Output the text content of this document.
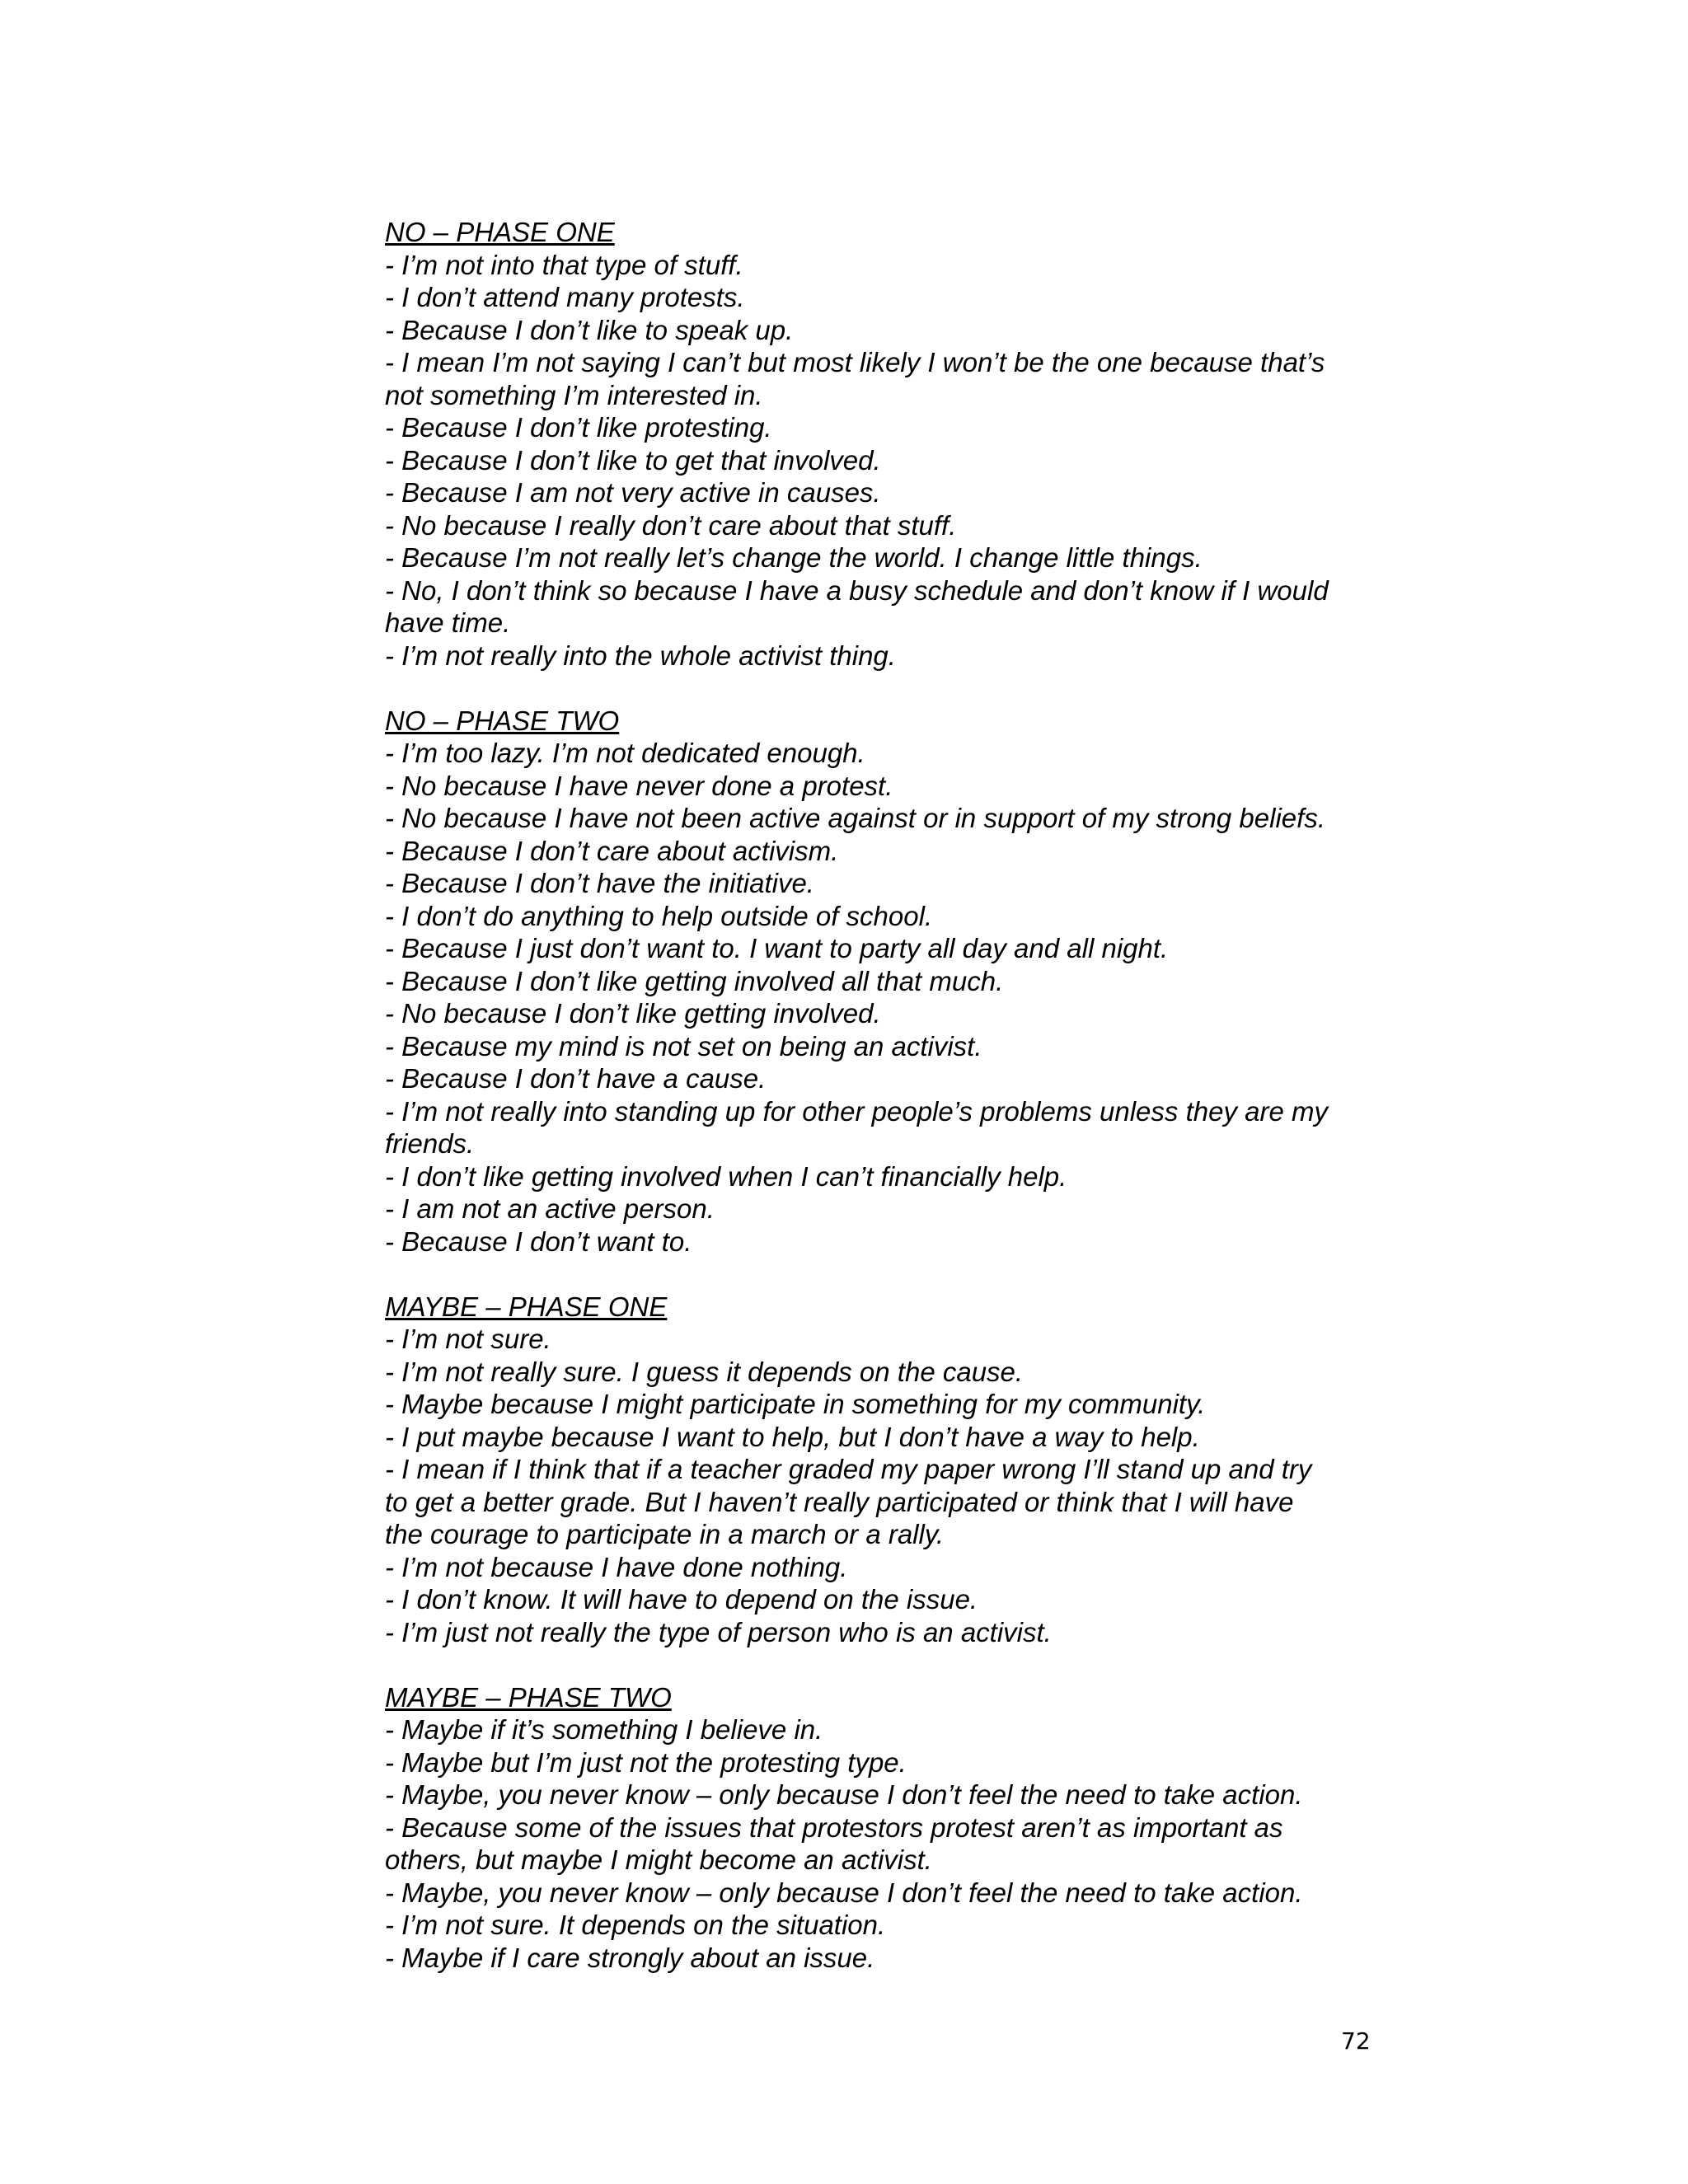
NO – PHASE ONE
- I’m not into that type of stuff.
- I don’t attend many protests.
- Because I don’t like to speak up.
- I mean I’m not saying I can’t but most likely I won’t be the one because that’s
not something I’m interested in.
- Because I don’t like protesting.
- Because I don’t like to get that involved.
- Because I am not very active in causes.
- No because I really don’t care about that stuff.
- Because I’m not really let’s change the world. I change little things.
- No, I don’t think so because I have a busy schedule and don’t know if I would
have time.
- I’m not really into the whole activist thing.
NO – PHASE TWO
- I’m too lazy. I’m not dedicated enough.
- No because I have never done a protest.
- No because I have not been active against or in support of my strong beliefs.
- Because I don’t care about activism.
- Because I don’t have the initiative.
- I don’t do anything to help outside of school.
- Because I just don’t want to. I want to party all day and all night.
- Because I don’t like getting involved all that much.
- No because I don’t like getting involved.
- Because my mind is not set on being an activist.
- Because I don’t have a cause.
- I’m not really into standing up for other people’s problems unless they are my
friends.
- I don’t like getting involved when I can’t financially help.
- I am not an active person.
- Because I don’t want to.
MAYBE – PHASE ONE
- I’m not sure.
- I’m not really sure. I guess it depends on the cause.
- Maybe because I might participate in something for my community.
- I put maybe because I want to help, but I don’t have a way to help.
- I mean if I think that if a teacher graded my paper wrong I’ll stand up and try
to get a better grade. But I haven’t really participated or think that I will have
the courage to participate in a march or a rally.
- I’m not because I have done nothing.
- I don’t know. It will have to depend on the issue.
- I’m just not really the type of person who is an activist.
MAYBE – PHASE TWO
- Maybe if it’s something I believe in.
- Maybe but I’m just not the protesting type.
- Maybe, you never know – only because I don’t feel the need to take action.
- Because some of the issues that protestors protest aren’t as important as
others, but maybe I might become an activist.
- Maybe, you never know – only because I don’t feel the need to take action.
- I’m not sure. It depends on the situation.
- Maybe if I care strongly about an issue.
72
